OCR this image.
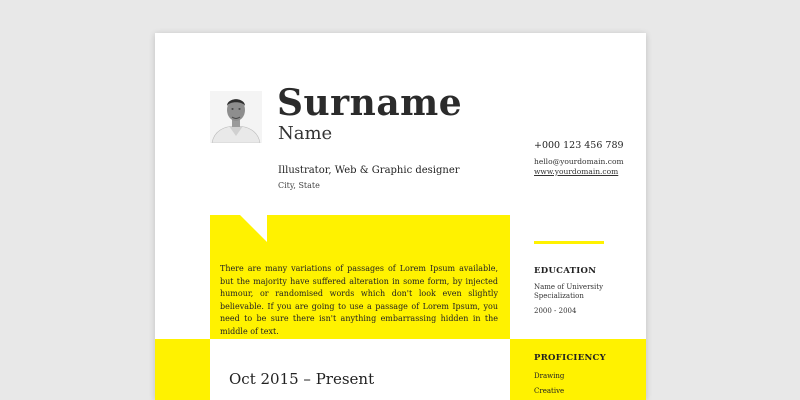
Surname
Name
Illustrator, Web & Graphic designer
City, State
+000 123 456 789
hello@yourdomain.com
www.yourdomain.com
There are many variations of passages of Lorem Ipsum available, but the majority have suffered alteration in some form, by injected humour, or randomised words which don't look even slightly believable. If you are going to use a passage of Lorem Ipsum, you need to be sure there isn't anything embarrassing hidden in the middle of text.
EDUCATION
Name of University Specialization
2000 - 2004
Oct 2015 – Present
PROFICIENCY
Drawing
Creative
